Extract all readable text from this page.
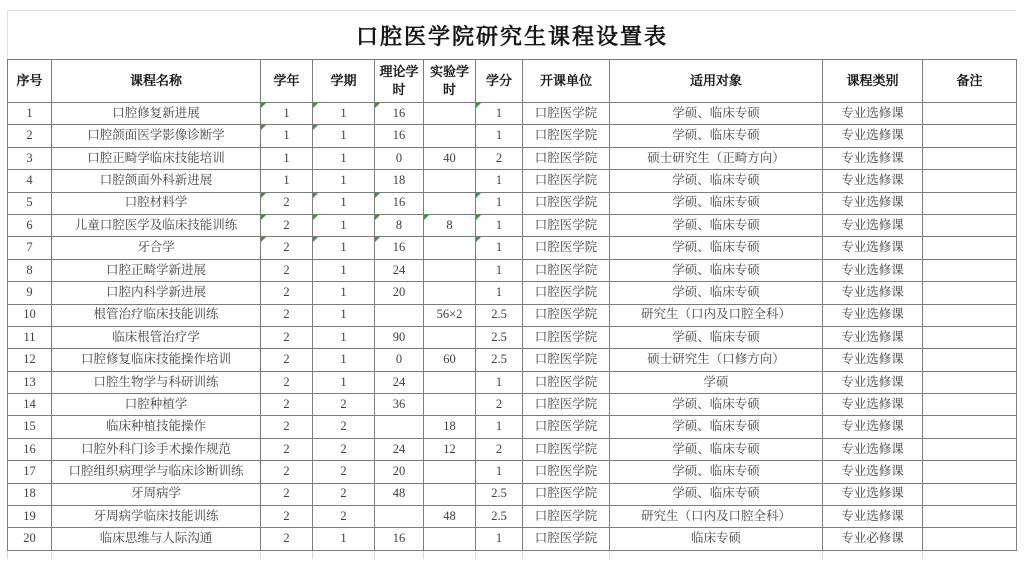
口腔医学院研究生课程设置表
序号	课程名称	学年	学期	理论学时	实验学时	学分	开课单位	适用对象	课程类别	备注
1	口腔修复新进展	1	1	16		1	口腔医学院	学硕、临床专硕	专业选修课	
2	口腔颌面医学影像诊断学	1	1	16		1	口腔医学院	学硕、临床专硕	专业选修课	
3	口腔正畸学临床技能培训	1	1	0	40	2	口腔医学院	硕士研究生（正畸方向）	专业选修课	
4	口腔颌面外科新进展	1	1	18		1	口腔医学院	学硕、临床专硕	专业选修课	
5	口腔材料学	2	1	16		1	口腔医学院	学硕、临床专硕	专业选修课	
6	儿童口腔医学及临床技能训练	2	1	8	8	1	口腔医学院	学硕、临床专硕	专业选修课	
7	牙合学	2	1	16		1	口腔医学院	学硕、临床专硕	专业选修课	
8	口腔正畸学新进展	2	1	24		1	口腔医学院	学硕、临床专硕	专业选修课	
9	口腔内科学新进展	2	1	20		1	口腔医学院	学硕、临床专硕	专业选修课	
10	根管治疗临床技能训练	2	1		56×2	2.5	口腔医学院	研究生（口内及口腔全科）	专业选修课	
11	临床根管治疗学	2	1	90		2.5	口腔医学院	学硕、临床专硕	专业选修课	
12	口腔修复临床技能操作培训	2	1	0	60	2.5	口腔医学院	硕士研究生（口修方向）	专业选修课	
13	口腔生物学与科研训练	2	1	24		1	口腔医学院	学硕	专业选修课	
14	口腔种植学	2	2	36		2	口腔医学院	学硕、临床专硕	专业选修课	
15	临床种植技能操作	2	2		18	1	口腔医学院	学硕、临床专硕	专业选修课	
16	口腔外科门诊手术操作规范	2	2	24	12	2	口腔医学院	学硕、临床专硕	专业选修课	
17	口腔组织病理学与临床诊断训练	2	2	20		1	口腔医学院	学硕、临床专硕	专业选修课	
18	牙周病学	2	2	48		2.5	口腔医学院	学硕、临床专硕	专业选修课	
19	牙周病学临床技能训练	2	2		48	2.5	口腔医学院	研究生（口内及口腔全科）	专业选修课	
20	临床思维与人际沟通	2	1	16		1	口腔医学院	临床专硕	专业必修课	
